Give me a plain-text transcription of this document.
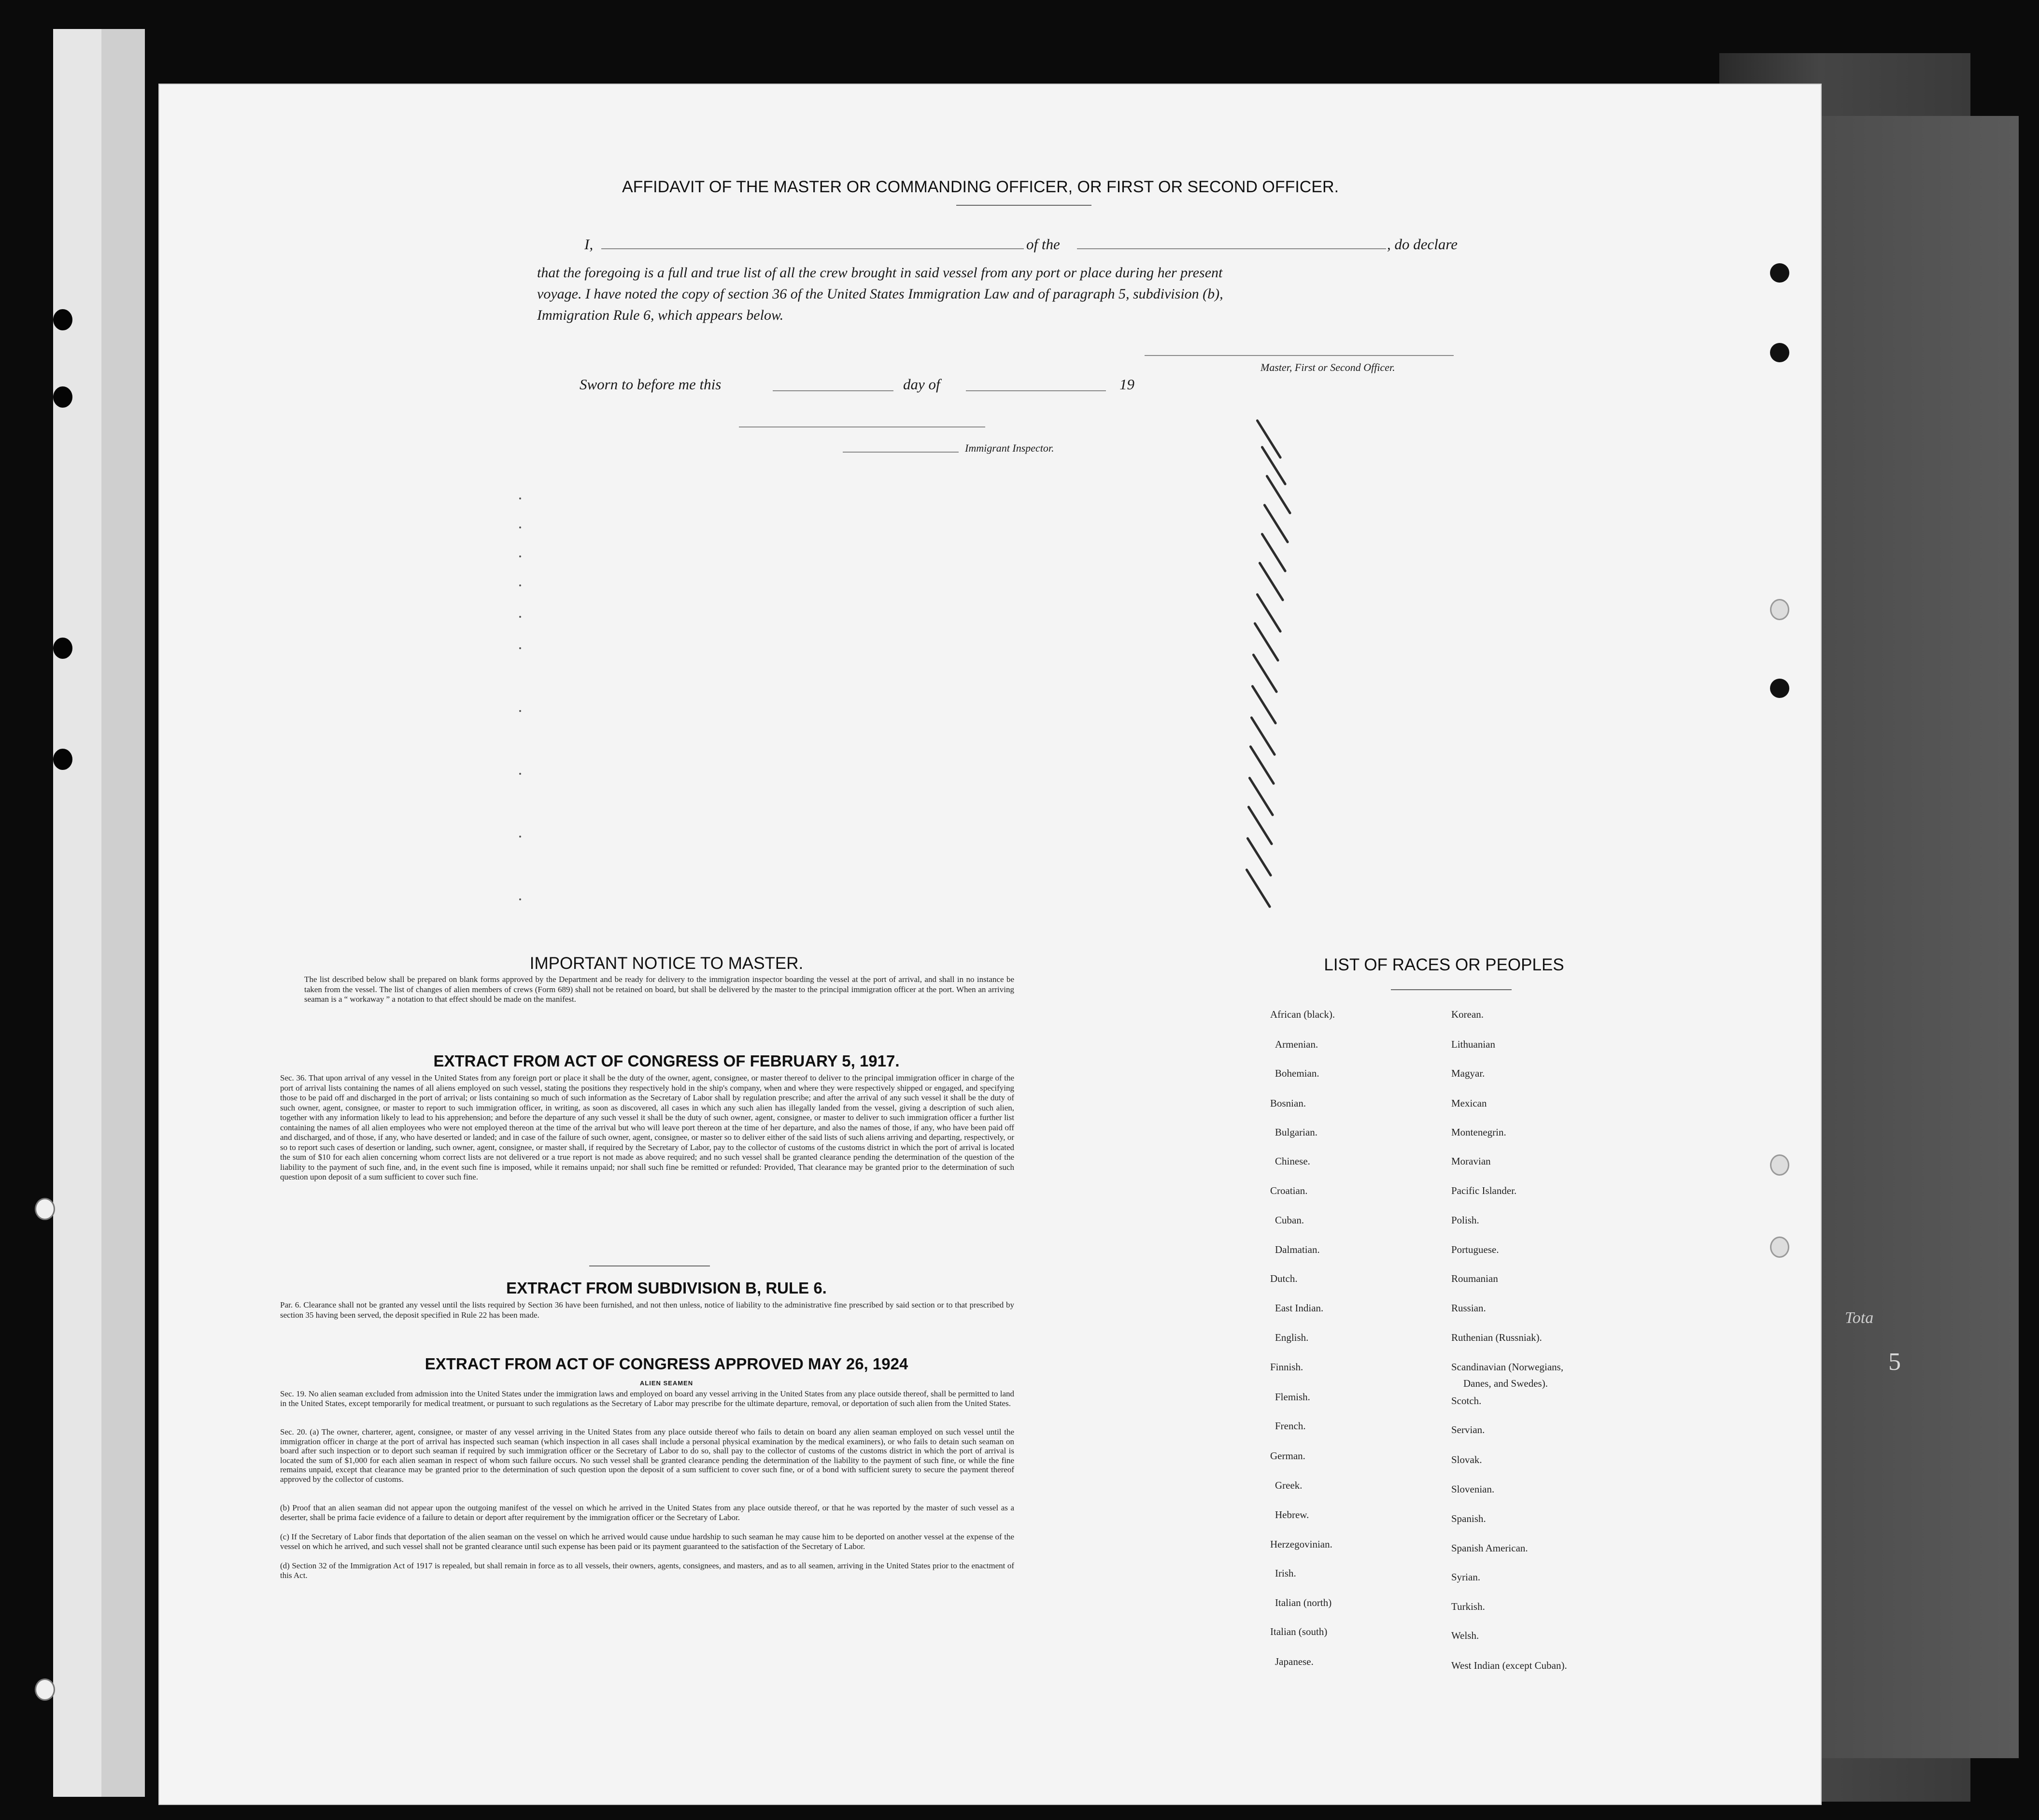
AFFIDAVIT OF THE MASTER OR COMMANDING OFFICER, OR FIRST OR SECOND OFFICER.
I,	of the	, do declare
that the foregoing is a full and true list of all the crew brought in said vessel from any port or place during her present
voyage. I have noted the copy of section 36 of the United States Immigration Law and of paragraph 5, subdivision (b),
Immigration Rule 6, which appears below.
Master, First or Second Officer.
Sworn to before me this	day of	19
Immigrant Inspector.
IMPORTANT NOTICE TO MASTER.
The list described below shall be prepared on blank forms approved by the Department and be ready for delivery to the immigration inspector boarding the vessel at the port of arrival, and shall in no instance be taken from the vessel. The list of changes of alien members of crews (Form 689) shall not be retained on board, but shall be delivered by the master to the principal immigration officer at the port. When an arriving seaman is a “ workaway ” a notation to that effect should be made on the manifest.
EXTRACT FROM ACT OF CONGRESS OF FEBRUARY 5, 1917.
Sec. 36. That upon arrival of any vessel in the United States from any foreign port or place it shall be the duty of the owner, agent, consignee, or master thereof to deliver to the principal immigration officer in charge of the port of arrival lists containing the names of all aliens employed on such vessel, stating the positions they respectively hold in the ship's company, when and where they were respectively shipped or engaged, and specifying those to be paid off and discharged in the port of arrival; or lists containing so much of such information as the Secretary of Labor shall by regulation prescribe; and after the arrival of any such vessel it shall be the duty of such owner, agent, consignee, or master to report to such immigration officer, in writing, as soon as discovered, all cases in which any such alien has illegally landed from the vessel, giving a description of such alien, together with any information likely to lead to his apprehension; and before the departure of any such vessel it shall be the duty of such owner, agent, consignee, or master to deliver to such immigration officer a further list containing the names of all alien employees who were not employed thereon at the time of the arrival but who will leave port thereon at the time of her departure, and also the names of those, if any, who have been paid off and discharged, and of those, if any, who have deserted or landed; and in case of the failure of such owner, agent, consignee, or master so to deliver either of the said lists of such aliens arriving and departing, respectively, or so to report such cases of desertion or landing, such owner, agent, consignee, or master shall, if required by the Secretary of Labor, pay to the collector of customs of the customs district in which the port of arrival is located the sum of $10 for each alien concerning whom correct lists are not delivered or a true report is not made as above required; and no such vessel shall be granted clearance pending the determination of the question of the liability to the payment of such fine, and, in the event such fine is imposed, while it remains unpaid; nor shall such fine be remitted or refunded: Provided, That clearance may be granted prior to the determination of such question upon deposit of a sum sufficient to cover such fine.
EXTRACT FROM SUBDIVISION B, RULE 6.
Par. 6. Clearance shall not be granted any vessel until the lists required by Section 36 have been furnished, and not then unless, notice of liability to the administrative fine prescribed by said section or to that prescribed by section 35 having been served, the deposit specified in Rule 22 has been made.
EXTRACT FROM ACT OF CONGRESS APPROVED MAY 26, 1924
ALIEN SEAMEN
Sec. 19. No alien seaman excluded from admission into the United States under the immigration laws and employed on board any vessel arriving in the United States from any place outside thereof, shall be permitted to land in the United States, except temporarily for medical treatment, or pursuant to such regulations as the Secretary of Labor may prescribe for the ultimate departure, removal, or deportation of such alien from the United States.
Sec. 20. (a) The owner, charterer, agent, consignee, or master of any vessel arriving in the United States from any place outside thereof who fails to detain on board any alien seaman employed on such vessel until the immigration officer in charge at the port of arrival has inspected such seaman (which inspection in all cases shall include a personal physical examination by the medical examiners), or who fails to detain such seaman on board after such inspection or to deport such seaman if required by such immigration officer or the Secretary of Labor to do so, shall pay to the collector of customs of the customs district in which the port of arrival is located the sum of $1,000 for each alien seaman in respect of whom such failure occurs. No such vessel shall be granted clearance pending the determination of the liability to the payment of such fine, or while the fine remains unpaid, except that clearance may be granted prior to the determination of such question upon the deposit of a sum sufficient to cover such fine, or of a bond with sufficient surety to secure the payment thereof approved by the collector of customs.
(b) Proof that an alien seaman did not appear upon the outgoing manifest of the vessel on which he arrived in the United States from any place outside thereof, or that he was reported by the master of such vessel as a deserter, shall be prima facie evidence of a failure to detain or deport after requirement by the immigration officer or the Secretary of Labor.
(c) If the Secretary of Labor finds that deportation of the alien seaman on the vessel on which he arrived would cause undue hardship to such seaman he may cause him to be deported on another vessel at the expense of the vessel on which he arrived, and such vessel shall not be granted clearance until such expense has been paid or its payment guaranteed to the satisfaction of the Secretary of Labor.
(d) Section 32 of the Immigration Act of 1917 is repealed, but shall remain in force as to all vessels, their owners, agents, consignees, and masters, and as to all seamen, arriving in the United States prior to the enactment of this Act.
LIST OF RACES OR PEOPLES
African (black).
Armenian.
Bohemian.
Bosnian.
Bulgarian.
Chinese.
Croatian.
Cuban.
Dalmatian.
Dutch.
East Indian.
English.
Finnish.
Flemish.
French.
German.
Greek.
Hebrew.
Herzegovinian.
Irish.
Italian (north)
Italian (south)
Japanese.
Korean.
Lithuanian
Magyar.
Mexican
Montenegrin.
Moravian
Pacific Islander.
Polish.
Portuguese.
Roumanian
Russian.
Ruthenian (Russniak).
Scandinavian (Norwegians,
Scotch.
Servian.
Slovak.
Slovenian.
Spanish.
Spanish American.
Syrian.
Turkish.
Welsh.
West Indian (except Cuban).
Danes, and Swedes).
Tota
5
